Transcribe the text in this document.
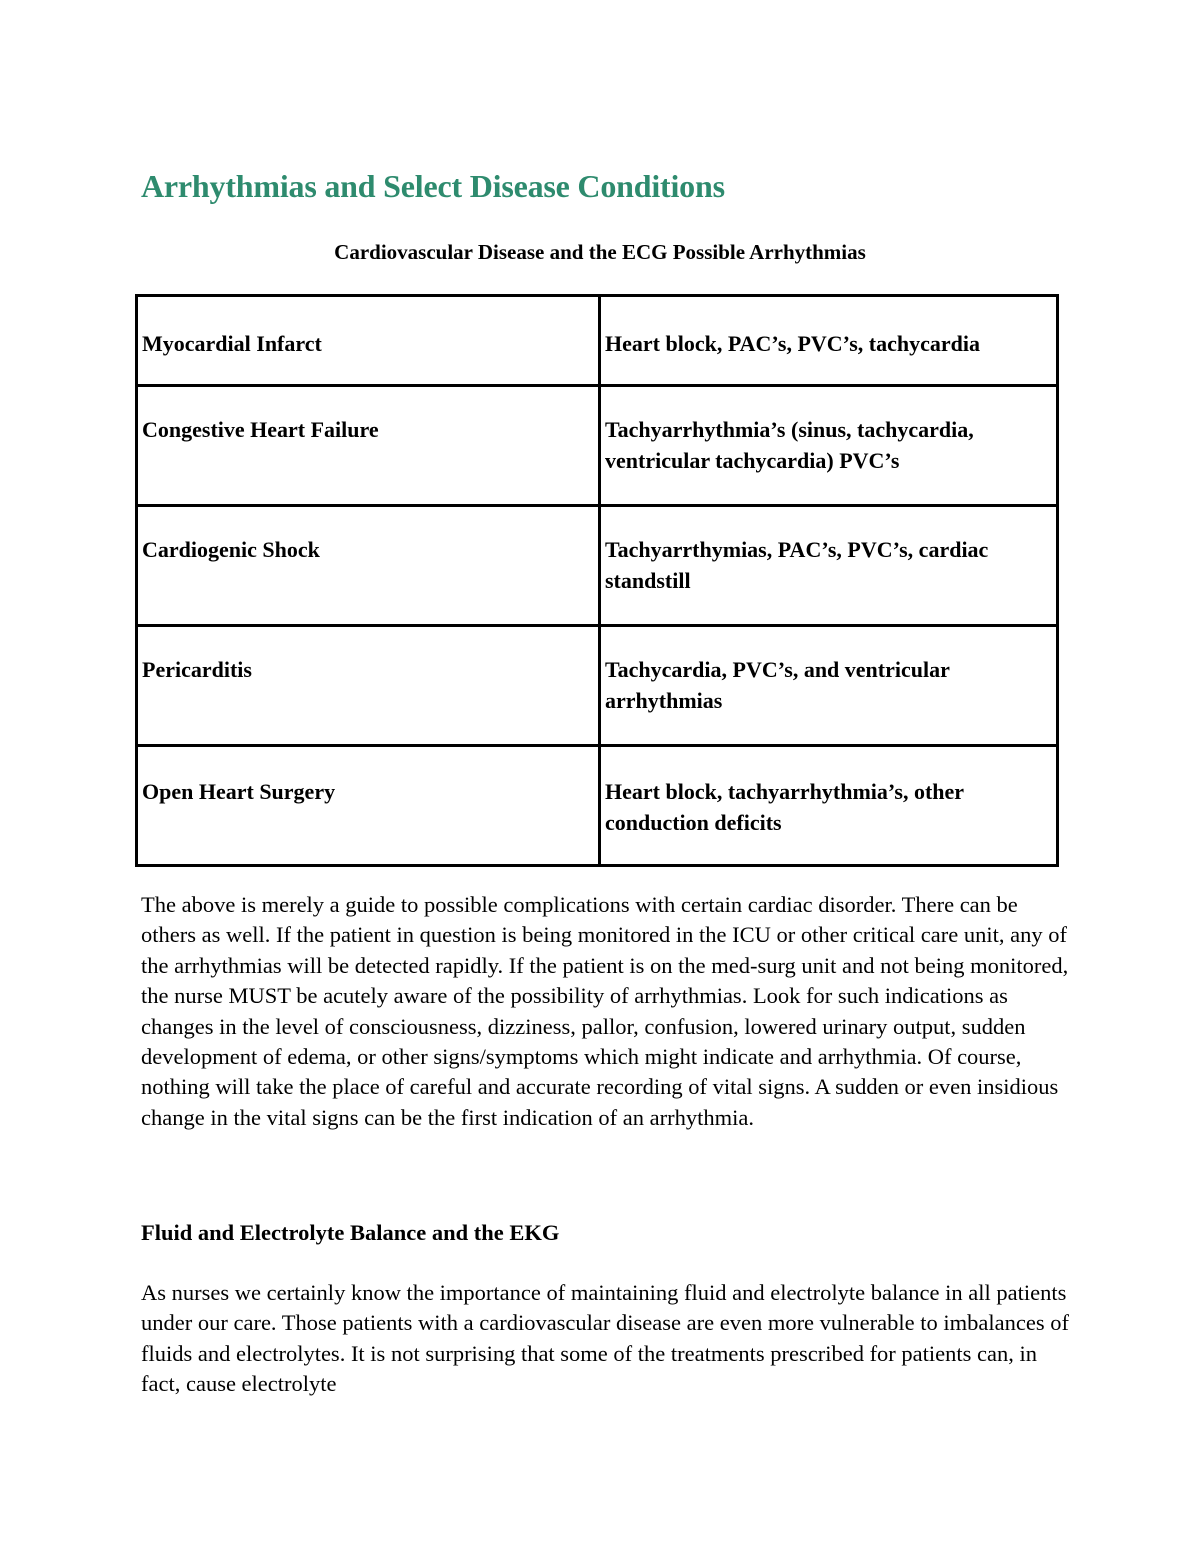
Arrhythmias and Select Disease Conditions
Cardiovascular Disease and the ECG Possible Arrhythmias
Myocardial Infarct	Heart block, PAC’s, PVC’s, tachycardia

Congestive Heart Failure	Tachyarrhythmia’s (sinus, tachycardia, ventricular tachycardia) PVC’s

Cardiogenic Shock	Tachyarrthymias, PAC’s, PVC’s, cardiac standstill

Pericarditis	Tachycardia, PVC’s, and ventricular arrhythmias

Open Heart Surgery	Heart block, tachyarrhythmia’s, other conduction deficits
The above is merely a guide to possible complications with certain cardiac disorder. There can be others as well. If the patient in question is being monitored in the ICU or other critical care unit, any of the arrhythmias will be detected rapidly. If the patient is on the med-surg unit and not being monitored, the nurse MUST be acutely aware of the possibility of arrhythmias. Look for such indications as changes in the level of consciousness, dizziness, pallor, confusion, lowered urinary output, sudden development of edema, or other signs/symptoms which might indicate and arrhythmia. Of course, nothing will take the place of careful and accurate recording of vital signs. A sudden or even insidious change in the vital signs can be the first indication of an arrhythmia.
Fluid and Electrolyte Balance and the EKG
As nurses we certainly know the importance of maintaining fluid and electrolyte balance in all patients under our care. Those patients with a cardiovascular disease are even more vulnerable to imbalances of fluids and electrolytes. It is not surprising that some of the treatments prescribed for patients can, in fact, cause electrolyte
